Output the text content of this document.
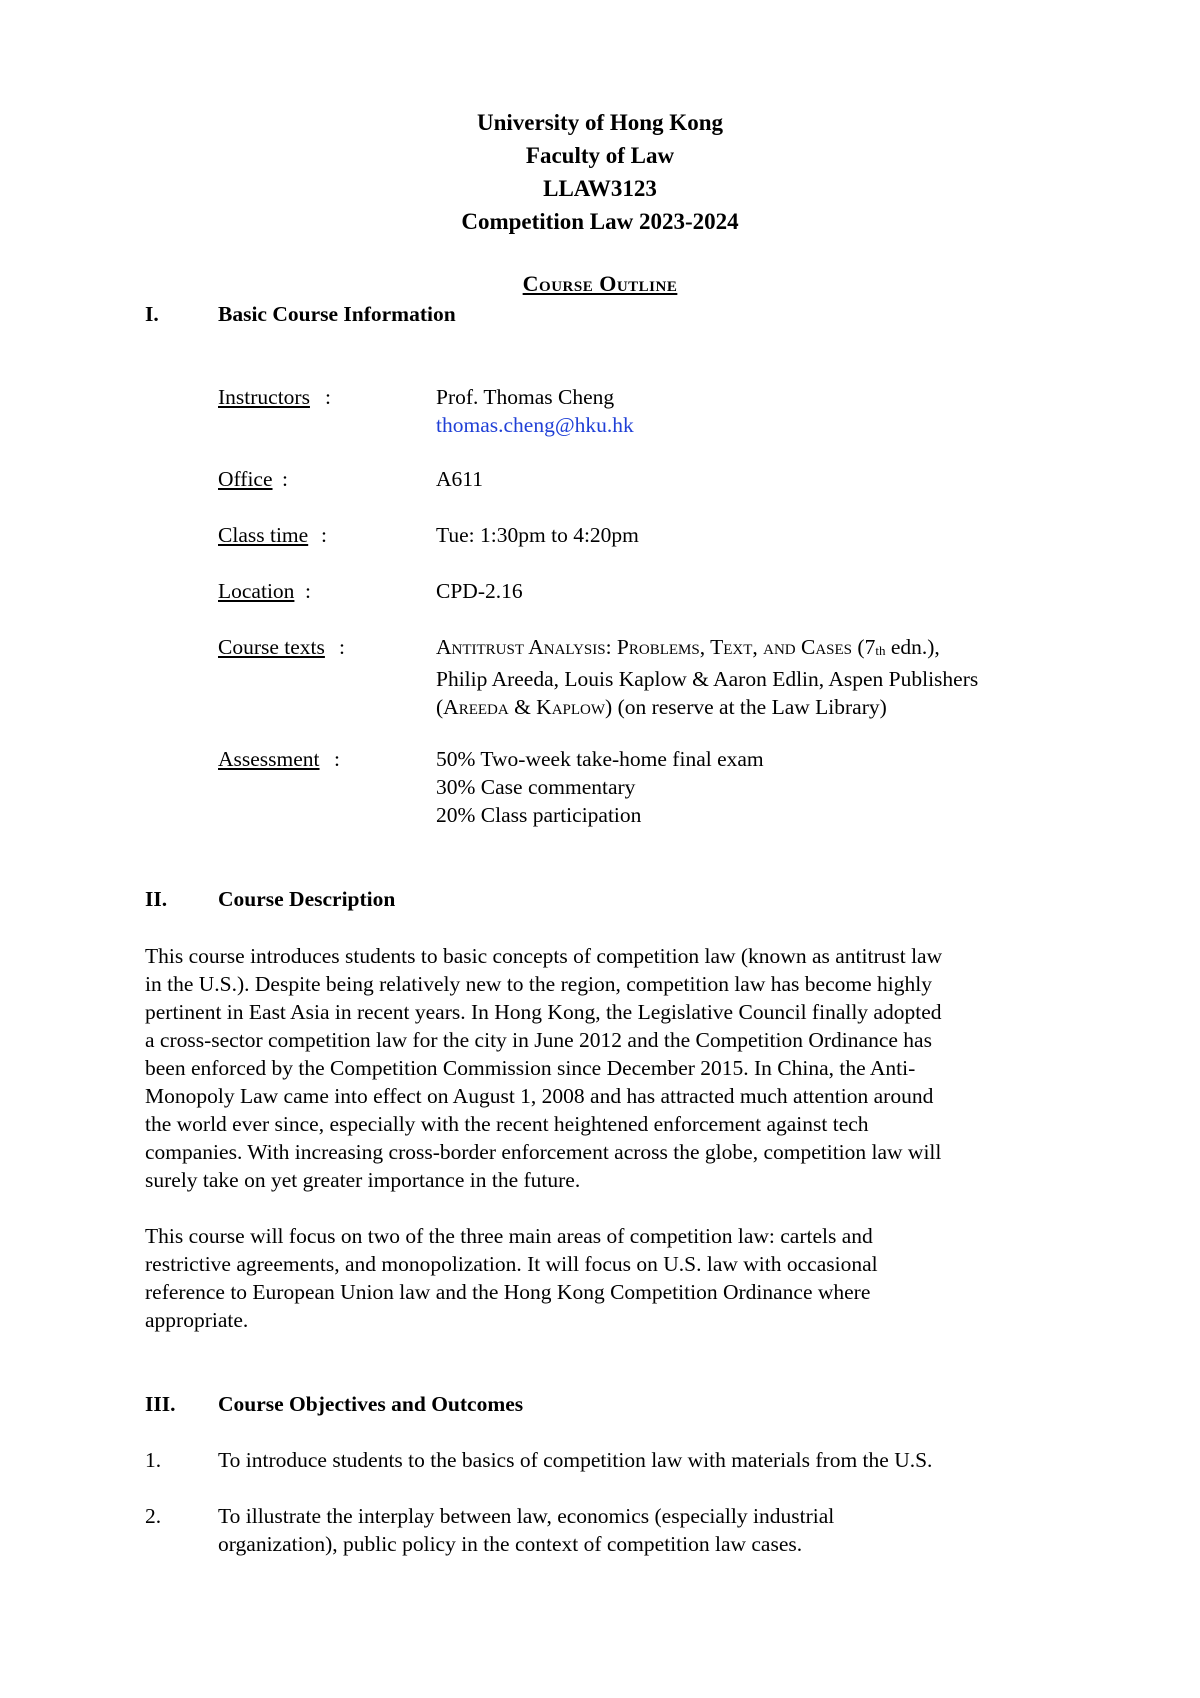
University of Hong Kong
Faculty of Law
LLAW3123
Competition Law 2023-2024
Course Outline
I.	Basic Course Information
Instructors :	Prof. Thomas Cheng
thomas.cheng@hku.hk
Office :	A611
Class time :	Tue: 1:30pm to 4:20pm
Location :	CPD-2.16
Course texts :	Antitrust Analysis: Problems, Text, and Cases (7th edn.),
Philip Areeda, Louis Kaplow & Aaron Edlin, Aspen Publishers
(Areeda & Kaplow) (on reserve at the Law Library)
Assessment :	50% Two-week take-home final exam
30% Case commentary
20% Class participation
II. Course Description
This course introduces students to basic concepts of competition law (known as antitrust law
in the U.S.). Despite being relatively new to the region, competition law has become highly
pertinent in East Asia in recent years. In Hong Kong, the Legislative Council finally adopted
a cross-sector competition law for the city in June 2012 and the Competition Ordinance has
been enforced by the Competition Commission since December 2015. In China, the Anti-
Monopoly Law came into effect on August 1, 2008 and has attracted much attention around
the world ever since, especially with the recent heightened enforcement against tech
companies. With increasing cross-border enforcement across the globe, competition law will
surely take on yet greater importance in the future.
This course will focus on two of the three main areas of competition law: cartels and
restrictive agreements, and monopolization. It will focus on U.S. law with occasional
reference to European Union law and the Hong Kong Competition Ordinance where
appropriate.
III. Course Objectives and Outcomes
1.	To introduce students to the basics of competition law with materials from the U.S.
2.	To illustrate the interplay between law, economics (especially industrial
organization), public policy in the context of competition law cases.
